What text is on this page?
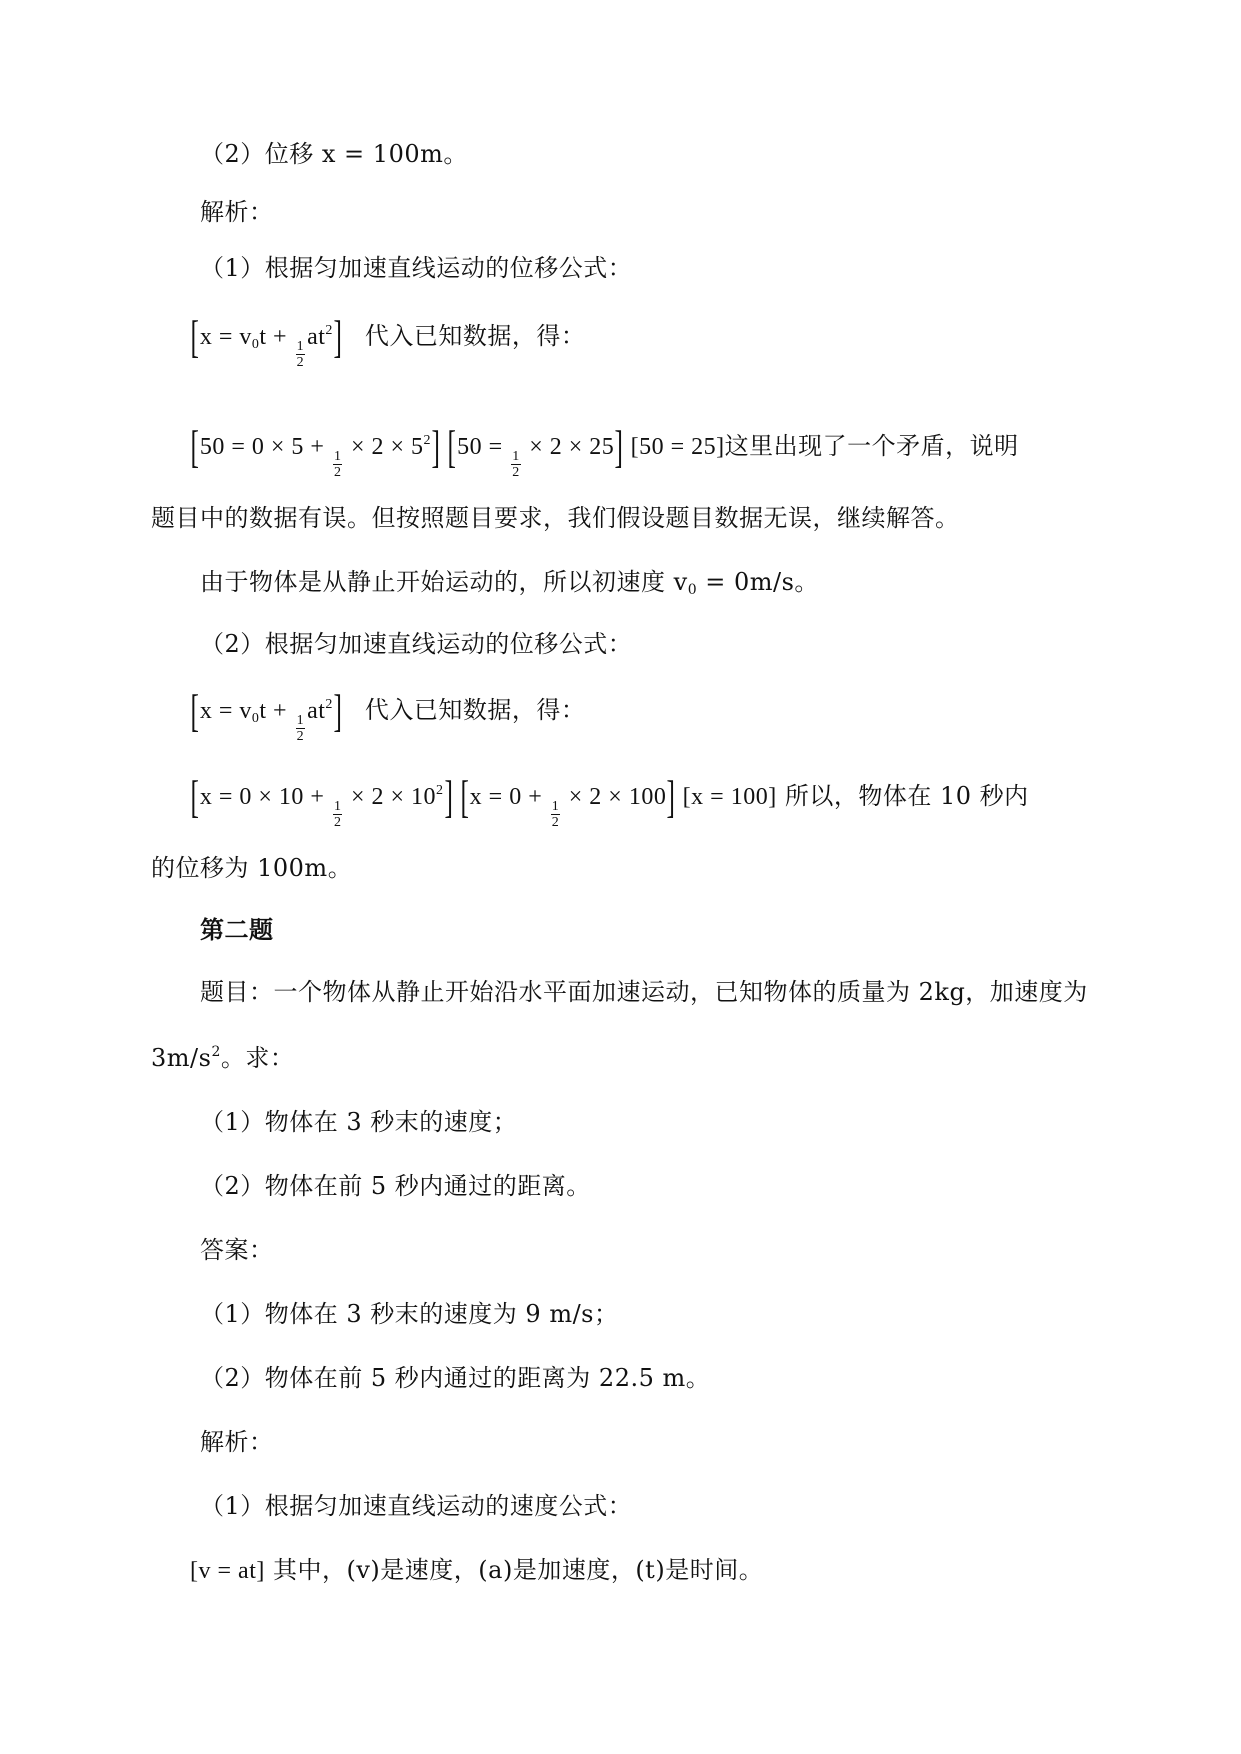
（2）位移 x = 100m。
解析：
（1）根据匀加速直线运动的位移公式：
[$x = v_0t$ +
$\frac{1}{2}$
$at^2$] 代入已知数据，得：
[50 = 0 × 5 +
$\frac{1}{2}$
× $2 \times 5^2$] [50 =
$\frac{1}{2}$
× 2 × 25] [50 = 25]这里出现了一个矛盾，说明
题目中的数据有误。但按照题目要求，我们假设题目数据无误，继续解答。
由于物体是从静止开始运动的，所以初速度 $v_0 = 0m/s$。
（2）根据匀加速直线运动的位移公式：
[$x = v_0t$ +
$\frac{1}{2}$
$at^2$] 代入已知数据，得：
[x = 0 × 10 +
$\frac{1}{2}$
× $2 \times 10^2$] [x = 0 +
$\frac{1}{2}$
× 2 × 100] [x = 100] 所以，物体在 10 秒内
的位移为 100m。
第二题
题目：一个物体从静止开始沿水平面加速运动，已知物体的质量为 2kg，加速度为
$3m/s^2$。求：
（1）物体在 3 秒末的速度；
（2）物体在前 5 秒内通过的距离。
答案：
（1）物体在 3 秒末的速度为 9 m/s；
（2）物体在前 5 秒内通过的距离为 22.5 m。
解析：
（1）根据匀加速直线运动的速度公式：
[v = at] 其中，(v)是速度，(a)是加速度，(t)是时间。
